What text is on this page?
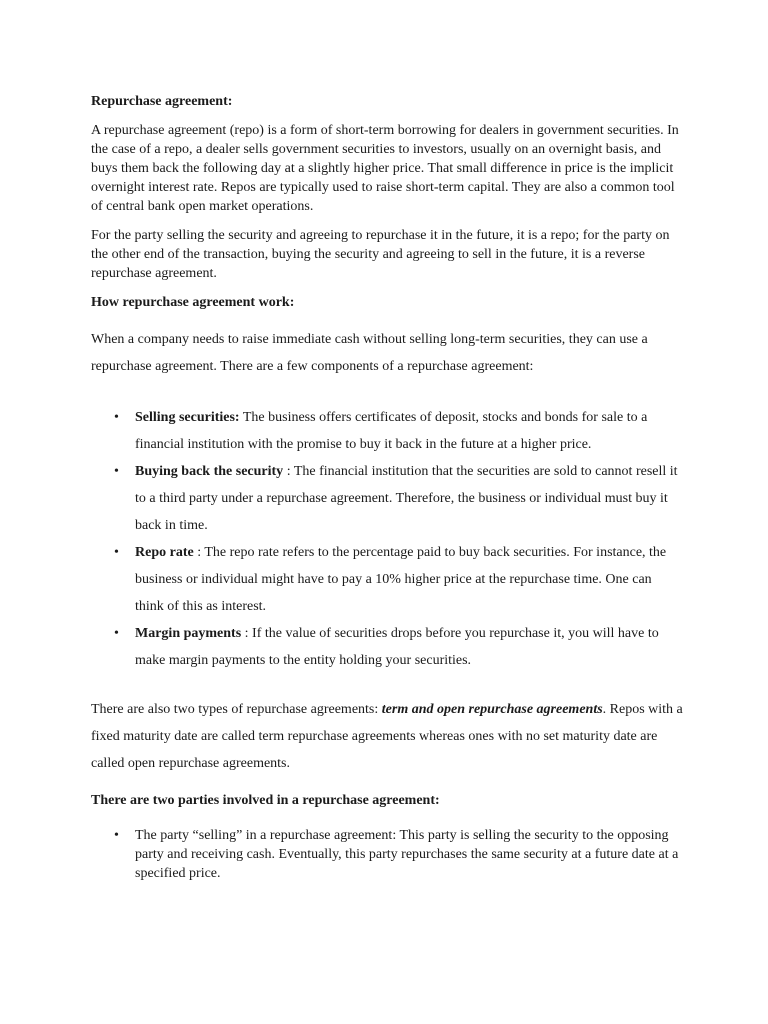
Repurchase agreement:

A repurchase agreement (repo) is a form of short-term borrowing for dealers in government securities. In the case of a repo, a dealer sells government securities to investors, usually on an overnight basis, and buys them back the following day at a slightly higher price. That small difference in price is the implicit overnight interest rate. Repos are typically used to raise short-term capital. They are also a common tool of central bank open market operations.

For the party selling the security and agreeing to repurchase it in the future, it is a repo; for the party on the other end of the transaction, buying the security and agreeing to sell in the future, it is a reverse repurchase agreement.

How repurchase agreement work:

When a company needs to raise immediate cash without selling long-term securities, they can use a repurchase agreement. There are a few components of a repurchase agreement:

• Selling securities: The business offers certificates of deposit, stocks and bonds for sale to a financial institution with the promise to buy it back in the future at a higher price.
• Buying back the security : The financial institution that the securities are sold to cannot resell it to a third party under a repurchase agreement. Therefore, the business or individual must buy it back in time.
• Repo rate : The repo rate refers to the percentage paid to buy back securities. For instance, the business or individual might have to pay a 10% higher price at the repurchase time. One can think of this as interest.
• Margin payments : If the value of securities drops before you repurchase it, you will have to make margin payments to the entity holding your securities.

There are also two types of repurchase agreements: term and open repurchase agreements. Repos with a fixed maturity date are called term repurchase agreements whereas ones with no set maturity date are called open repurchase agreements.

There are two parties involved in a repurchase agreement:

• The party “selling” in a repurchase agreement: This party is selling the security to the opposing party and receiving cash. Eventually, this party repurchases the same security at a future date at a specified price.
